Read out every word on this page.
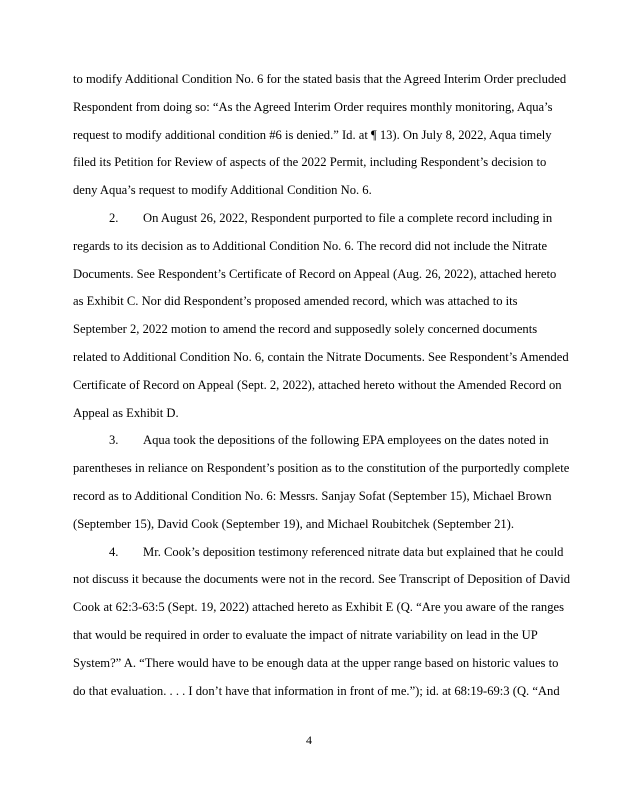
to modify Additional Condition No. 6 for the stated basis that the Agreed Interim Order precluded
Respondent from doing so: “As the Agreed Interim Order requires monthly monitoring, Aqua’s
request to modify additional condition #6 is denied.” Id. at ¶ 13). On July 8, 2022, Aqua timely
filed its Petition for Review of aspects of the 2022 Permit, including Respondent’s decision to
deny Aqua’s request to modify Additional Condition No. 6.
2. On August 26, 2022, Respondent purported to file a complete record including in
regards to its decision as to Additional Condition No. 6. The record did not include the Nitrate
Documents. See Respondent’s Certificate of Record on Appeal (Aug. 26, 2022), attached hereto
as Exhibit C. Nor did Respondent’s proposed amended record, which was attached to its
September 2, 2022 motion to amend the record and supposedly solely concerned documents
related to Additional Condition No. 6, contain the Nitrate Documents. See Respondent’s Amended
Certificate of Record on Appeal (Sept. 2, 2022), attached hereto without the Amended Record on
Appeal as Exhibit D.
3. Aqua took the depositions of the following EPA employees on the dates noted in
parentheses in reliance on Respondent’s position as to the constitution of the purportedly complete
record as to Additional Condition No. 6: Messrs. Sanjay Sofat (September 15), Michael Brown
(September 15), David Cook (September 19), and Michael Roubitchek (September 21).
4. Mr. Cook’s deposition testimony referenced nitrate data but explained that he could
not discuss it because the documents were not in the record. See Transcript of Deposition of David
Cook at 62:3-63:5 (Sept. 19, 2022) attached hereto as Exhibit E (Q. “Are you aware of the ranges
that would be required in order to evaluate the impact of nitrate variability on lead in the UP
System?” A. “There would have to be enough data at the upper range based on historic values to
do that evaluation. . . . I don’t have that information in front of me.”); id. at 68:19-69:3 (Q. “And
4
